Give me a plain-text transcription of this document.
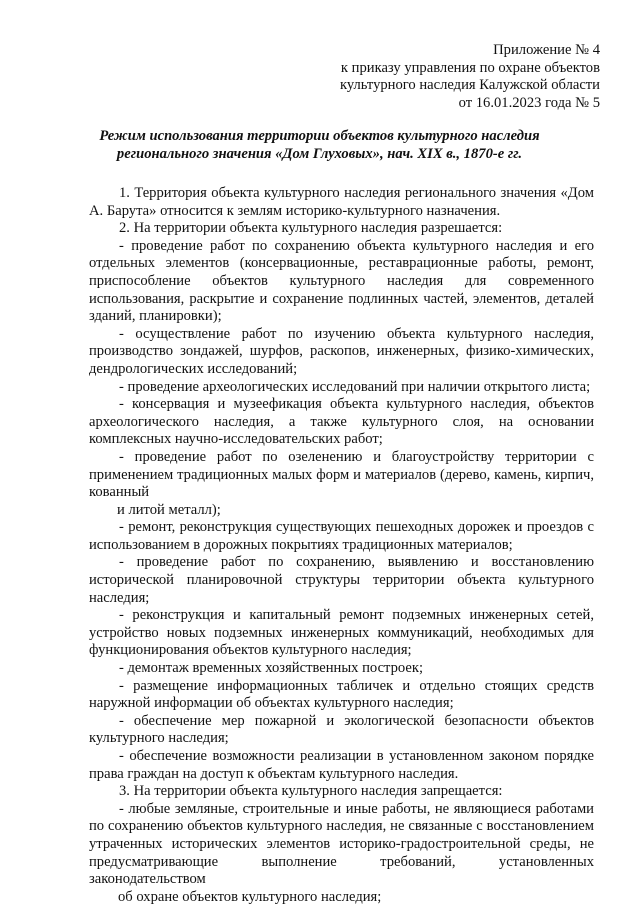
Приложение № 4
к приказу управления по охране объектов
культурного наследия Калужской области
от 16.01.2023 года № 5
Режим использования территории объектов культурного наследия
регионального значения «Дом Глуховых», нач. XIX в., 1870-е гг.

1. Территория объекта культурного наследия регионального значения «Дом А. Барута» относится к землям историко-культурного назначения.

2. На территории объекта культурного наследия разрешается:

- проведение работ по сохранению объекта культурного наследия и его отдельных элементов (консервационные, реставрационные работы, ремонт, приспособление объектов культурного наследия для современного использования, раскрытие и сохранение подлинных частей, элементов, деталей зданий, планировки);

- осуществление работ по изучению объекта культурного наследия, производство зондажей, шурфов, раскопов, инженерных, физико-химических, дендрологических исследований;

- проведение археологических исследований при наличии открытого листа;

- консервация и музеефикация объекта культурного наследия, объектов археологического наследия, а также культурного слоя, на основании комплексных научно-исследовательских работ;

- проведение работ по озеленению и благоустройству территории с применением традиционных малых форм и материалов (дерево, камень, кирпич, кованный

и литой металл);

- ремонт, реконструкция существующих пешеходных дорожек и проездов с использованием в дорожных покрытиях традиционных материалов;

- проведение работ по сохранению, выявлению и восстановлению исторической планировочной структуры территории объекта культурного наследия;

- реконструкция и капитальный ремонт подземных инженерных сетей, устройство новых подземных инженерных коммуникаций, необходимых для функционирования объектов культурного наследия;

- демонтаж временных хозяйственных построек;

- размещение информационных табличек и отдельно стоящих средств наружной информации об объектах культурного наследия;

- обеспечение мер пожарной и экологической безопасности объектов культурного наследия;

- обеспечение возможности реализации в установленном законом порядке права граждан на доступ к объектам культурного наследия.

3. На территории объекта культурного наследия запрещается:

- любые земляные, строительные и иные работы, не являющиеся работами по сохранению объектов культурного наследия, не связанные с восстановлением утраченных исторических элементов историко-градостроительной среды, не предусматривающие выполнение требований, установленных законодательством

об охране объектов культурного наследия;
